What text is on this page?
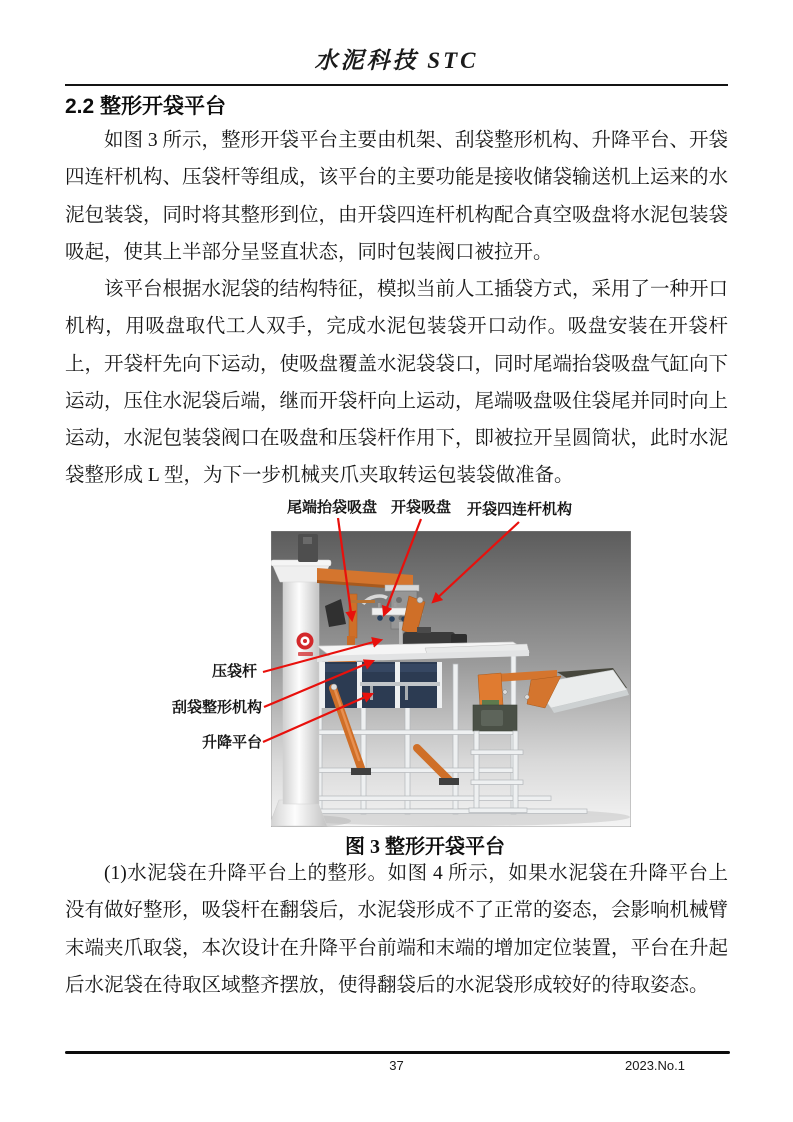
水泥科技 STC
2.2 整形开袋平台

如图 3 所示，整形开袋平台主要由机架、刮袋整形机构、升降平台、开袋四连杆机构、压袋杆等组成，该平台的主要功能是接收储袋输送机上运来的水泥包装袋，同时将其整形到位，由开袋四连杆机构配合真空吸盘将水泥包装袋吸起，使其上半部分呈竖直状态，同时包装阀口被拉开。

该平台根据水泥袋的结构特征，模拟当前人工插袋方式，采用了一种开口机构，用吸盘取代工人双手，完成水泥包装袋开口动作。吸盘安装在开袋杆上，开袋杆先向下运动，使吸盘覆盖水泥袋袋口，同时尾端抬袋吸盘气缸向下运动，压住水泥袋后端，继而开袋杆向上运动，尾端吸盘吸住袋尾并同时向上运动，水泥包装袋阀口在吸盘和压袋杆作用下，即被拉开呈圆筒状，此时水泥袋整形成 L 型，为下一步机械夹爪夹取转运包装袋做准备。

尾端抬袋吸盘 开袋吸盘 开袋四连杆机构
压袋杆
刮袋整形机构
升降平台
图 3 整形开袋平台

(1)水泥袋在升降平台上的整形。如图 4 所示，如果水泥袋在升降平台上没有做好整形，吸袋杆在翻袋后，水泥袋形成不了正常的姿态，会影响机械臂末端夹爪取袋，本次设计在升降平台前端和末端的增加定位装置，平台在升起后水泥袋在待取区域整齐摆放，使得翻袋后的水泥袋形成较好的待取姿态。

37	2023.No.1
